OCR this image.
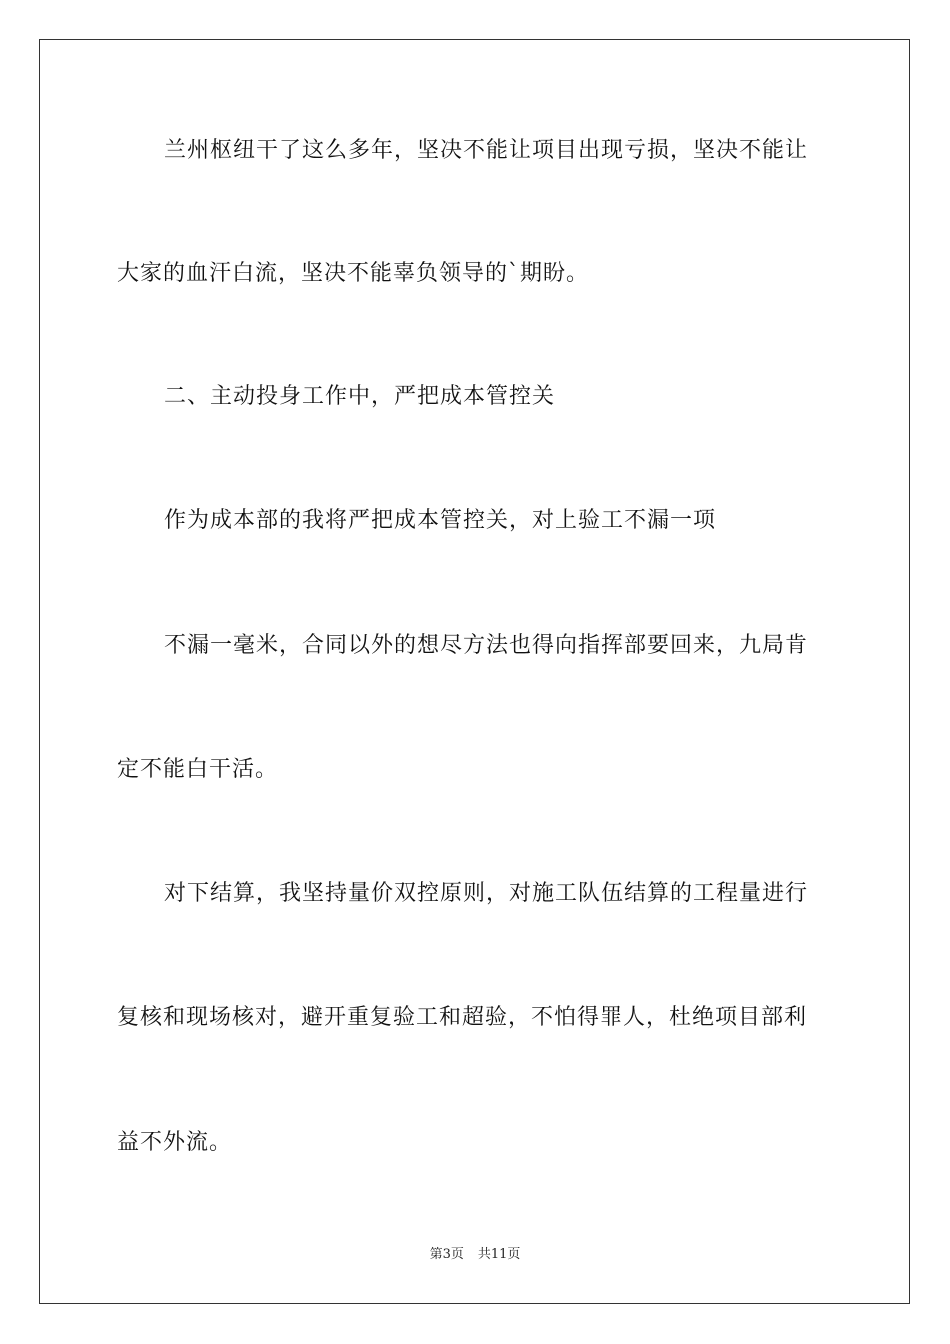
兰州枢纽干了这么多年，坚决不能让项目出现亏损，坚决不能让
大家的血汗白流，坚决不能辜负领导的`期盼。
二、主动投身工作中，严把成本管控关
作为成本部的我将严把成本管控关，对上验工不漏一项
不漏一毫米，合同以外的想尽方法也得向指挥部要回来，九局肯
定不能白干活。
对下结算，我坚持量价双控原则，对施工队伍结算的工程量进行
复核和现场核对，避开重复验工和超验，不怕得罪人，杜绝项目部利
益不外流。
第3页 共11页
